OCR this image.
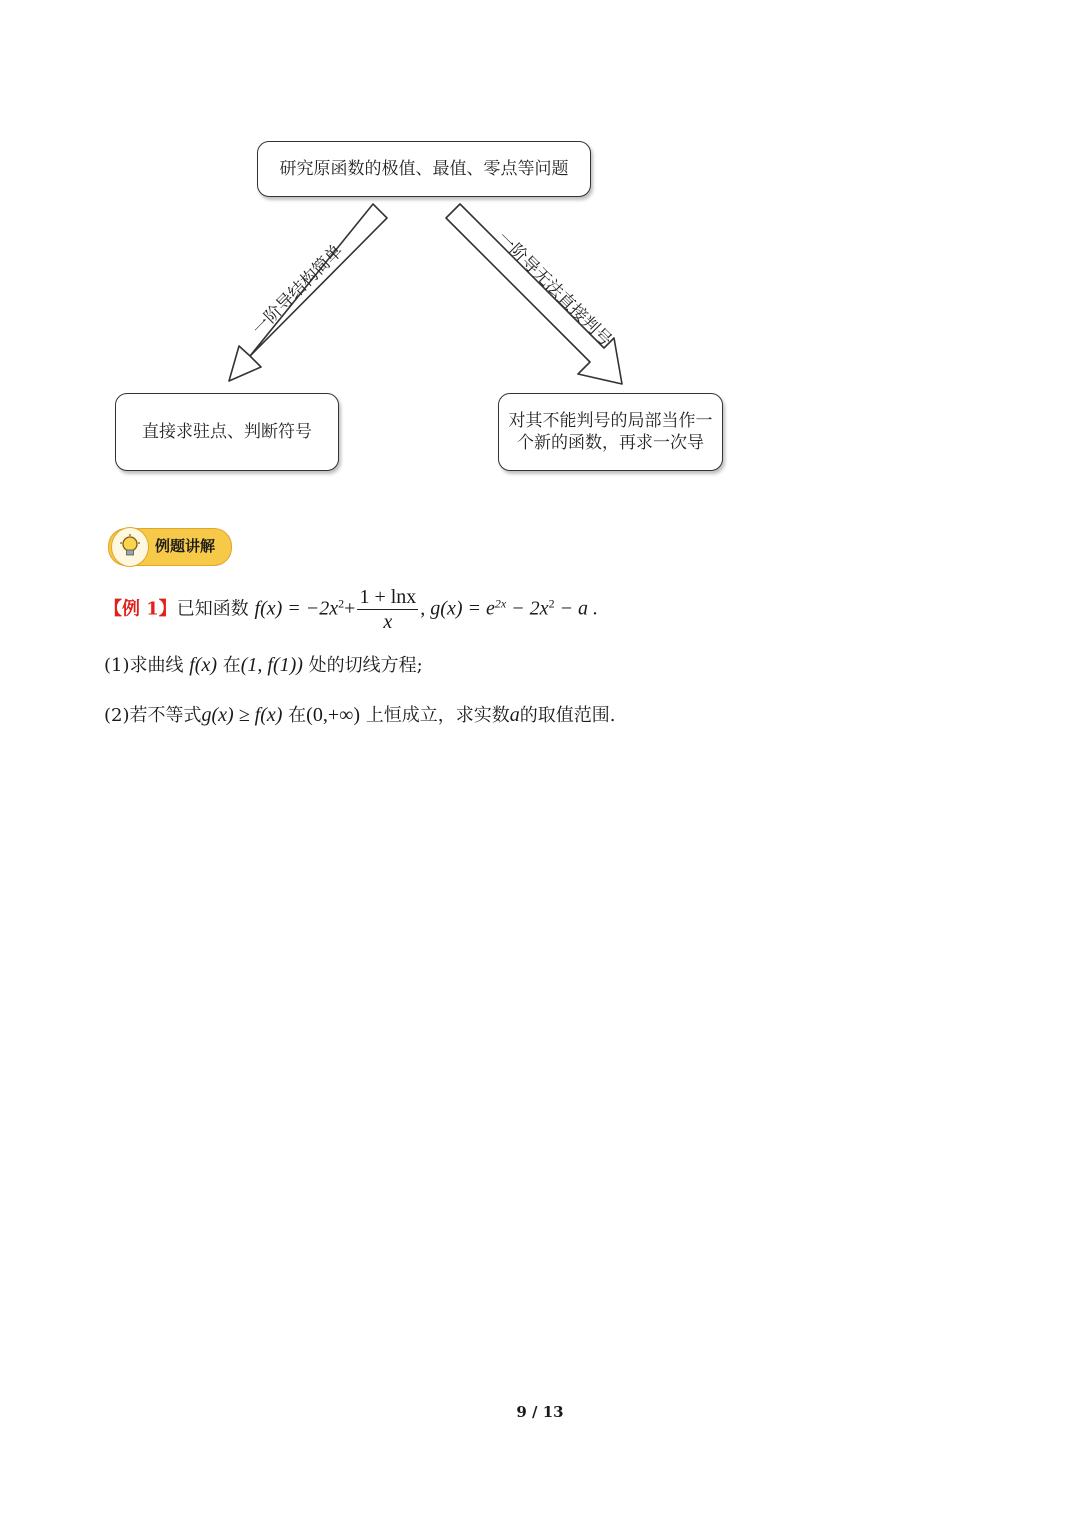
研究原函数的极值、最值、零点等问题
一阶导结构简单	一阶导无法直接判号
直接求驻点、判断符号
对其不能判号的局部当作一
个新的函数，再求一次导
例题讲解
【例 1】已知函数 $f(x) = -2x^2+ \frac{1 + \ln x}{x}$ , $g(x) = e^{2x} - 2x^2 - a$ .
(1)求曲线 f(x) 在(1, f(1)) 处的切线方程;
(2)若不等式g(x) ≥ f(x) 在(0,+∞) 上恒成立，求实数a的取值范围.
9 / 13
